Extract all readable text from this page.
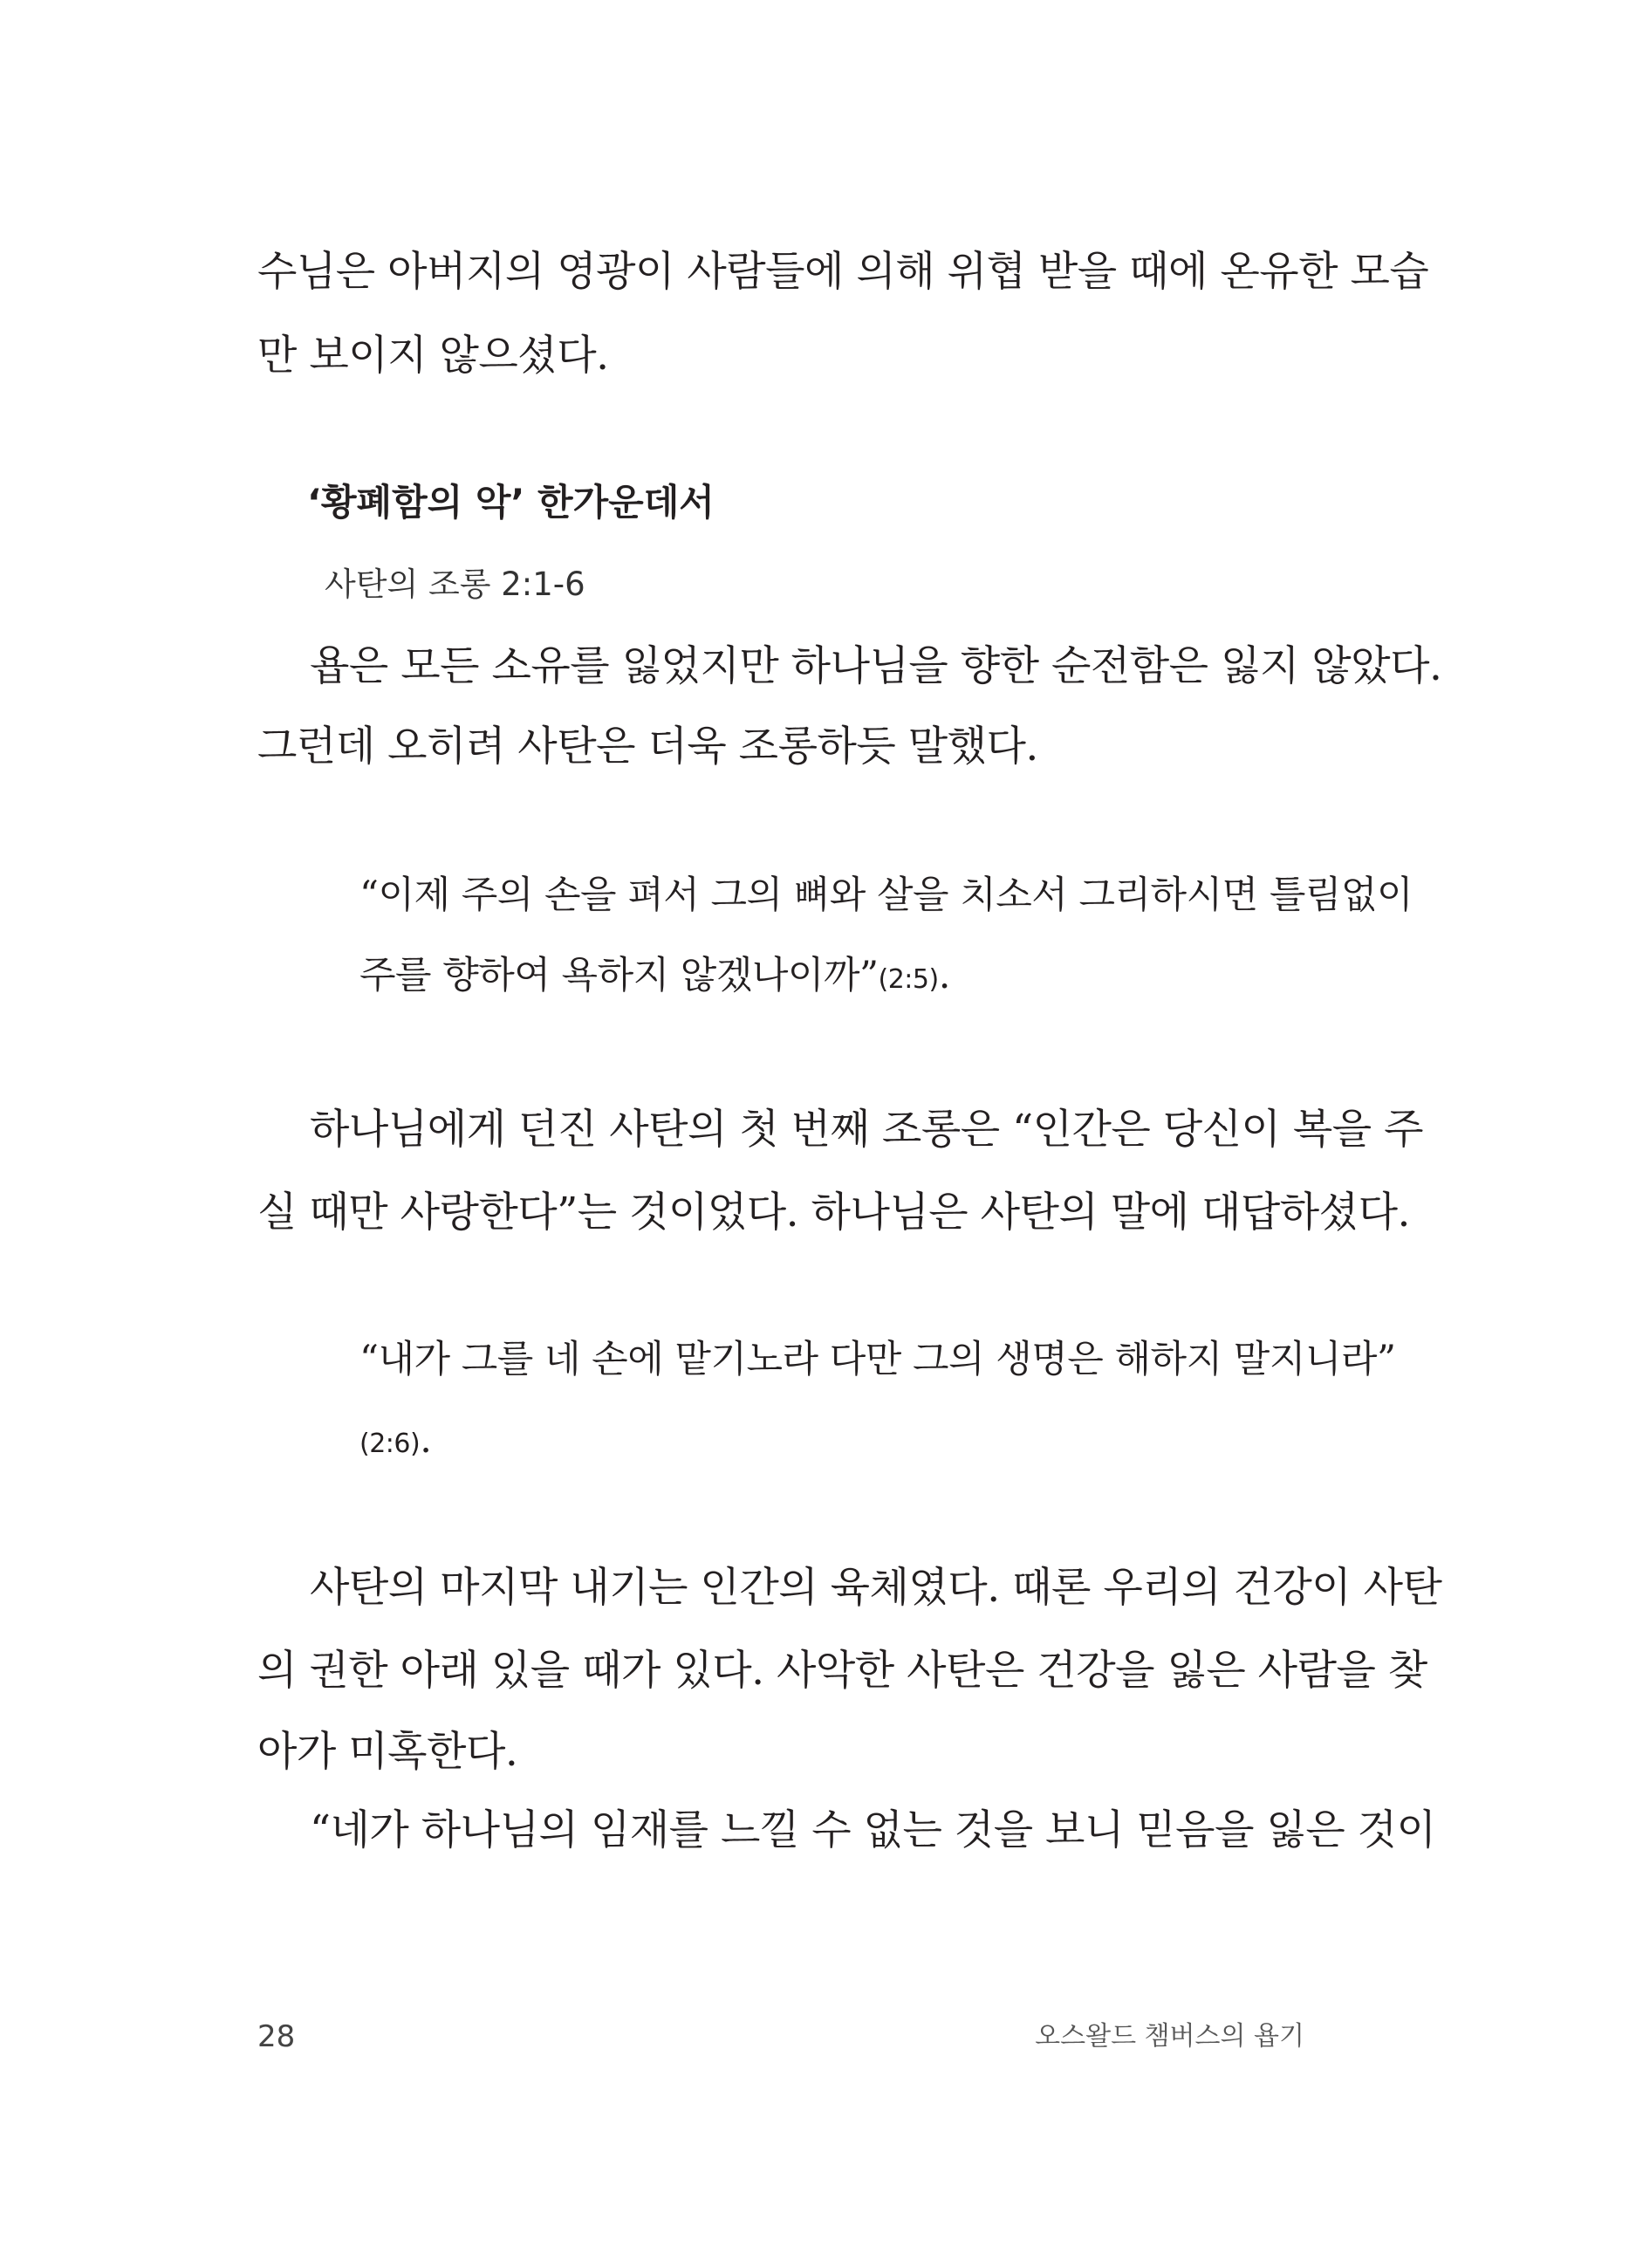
수님은 아버지의 영광이 사람들에 의해 위협 받을 때에 온유한 모습
만 보이지 않으셨다.
‘황폐함의 악’ 한가운데서
사탄의 조롱 2:1-6
욥은 모든 소유를 잃었지만 하나님을 향한 순전함은 잃지 않았다.
그런데 오히려 사탄은 더욱 조롱하듯 말했다.
“이제 주의 손을 펴서 그의 뼈와 살을 치소서 그리하시면 틀림없이
주를 향하여 욕하지 않겠나이까”(2:5).
하나님에게 던진 사탄의 첫 번째 조롱은 “인간은 당신이 복을 주
실 때만 사랑한다”는 것이었다. 하나님은 사탄의 말에 대답하셨다.
“내가 그를 네 손에 맡기노라 다만 그의 생명은 해하지 말지니라”
(2:6).
사탄의 마지막 내기는 인간의 육체였다. 때론 우리의 건강이 사탄
의 권한 아래 있을 때가 있다. 사악한 사탄은 건강을 잃은 사람을 찾
아가 미혹한다.
“네가 하나님의 임재를 느낄 수 없는 것을 보니 믿음을 잃은 것이
28	오스왈드 챔버스의 욥기
